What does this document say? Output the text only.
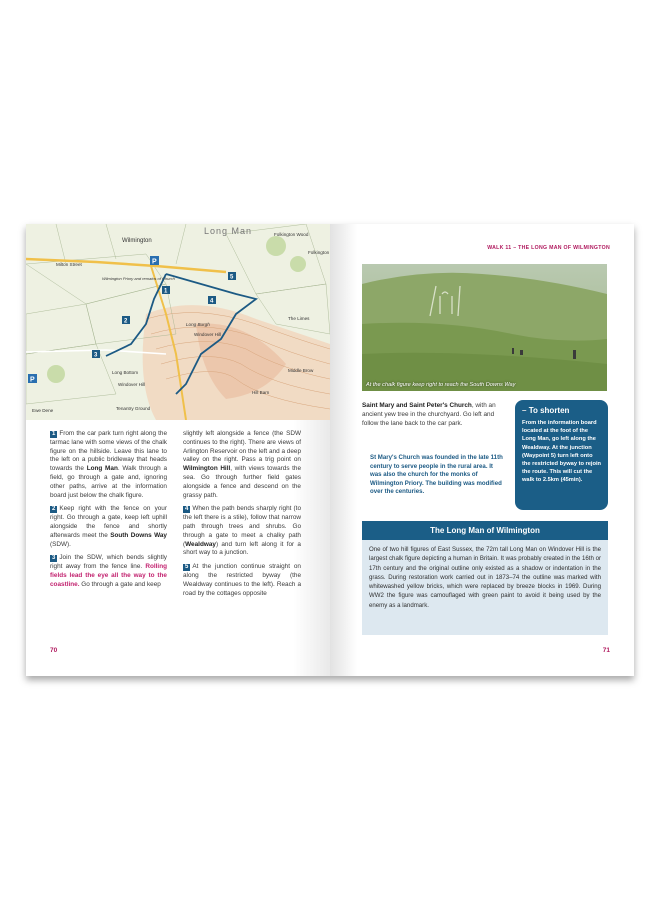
1
2
3
4
5
P
P
Wilmington
Milton Street
Wilmington Priory and remains of Church
Long Man
Windover Hill
Long Burgh
Hill Barn
Ewe Dene
Folkington Wood
Folkington
The Limes
Middle Brow
Tenantry Ground
Windover Hill
Long Bottom

1 From the car park turn right along the tarmac lane with some views of the chalk figure on the hillside. Leave this lane to the left on a public bridleway that heads towards the Long Man. Walk through a field, go through a gate and, ignoring other paths, arrive at the information board just below the chalk figure.

2 Keep right with the fence on your right. Go through a gate, keep left uphill alongside the fence and shortly afterwards meet the South Downs Way (SDW).

3 Join the SDW, which bends slightly right away from the fence line. Rolling fields lead the eye all the way to the coastline. Go through a gate and keep

slightly left alongside a fence (the SDW continues to the right). There are views of Arlington Reservoir on the left and a deep valley on the right. Pass a trig point on Wilmington Hill, with views towards the sea. Go through further field gates alongside a fence and descend on the grassy path.

4 When the path bends sharply right (to the left there is a stile), follow that narrow path through trees and shrubs. Go through a gate to meet a chalky path (Wealdway) and turn left along it for a short way to a junction.

5 At the junction continue straight on along the restricted byway (the Wealdway continues to the left). Reach a road by the cottages opposite

70
WALK 11 – THE LONG MAN OF WILMINGTON
At the chalk figure keep right to reach the South Downs Way
Saint Mary and Saint Peter's Church, with an ancient yew tree in the churchyard. Go left and follow the lane back to the car park.
St Mary's Church was founded in the late 11th century to serve people in the rural area. It was also the church for the monks of Wilmington Priory. The building was modified over the centuries.
– To shorten

From the information board located at the foot of the Long Man, go left along the Wealdway. At the junction (Waypoint 5) turn left onto the restricted byway to rejoin the route. This will cut the walk to 2.5km (45min).

The Long Man of Wilmington
One of two hill figures of East Sussex, the 72m tall Long Man on Windover Hill is the largest chalk figure depicting a human in Britain. It was probably created in the 16th or 17th century and the original outline only existed as a shadow or indentation in the grass. During restoration work carried out in 1873–74 the outline was marked with whitewashed yellow bricks, which were replaced by breeze blocks in 1969. During WW2 the figure was camouflaged with green paint to avoid it being used by the enemy as a landmark.
71
